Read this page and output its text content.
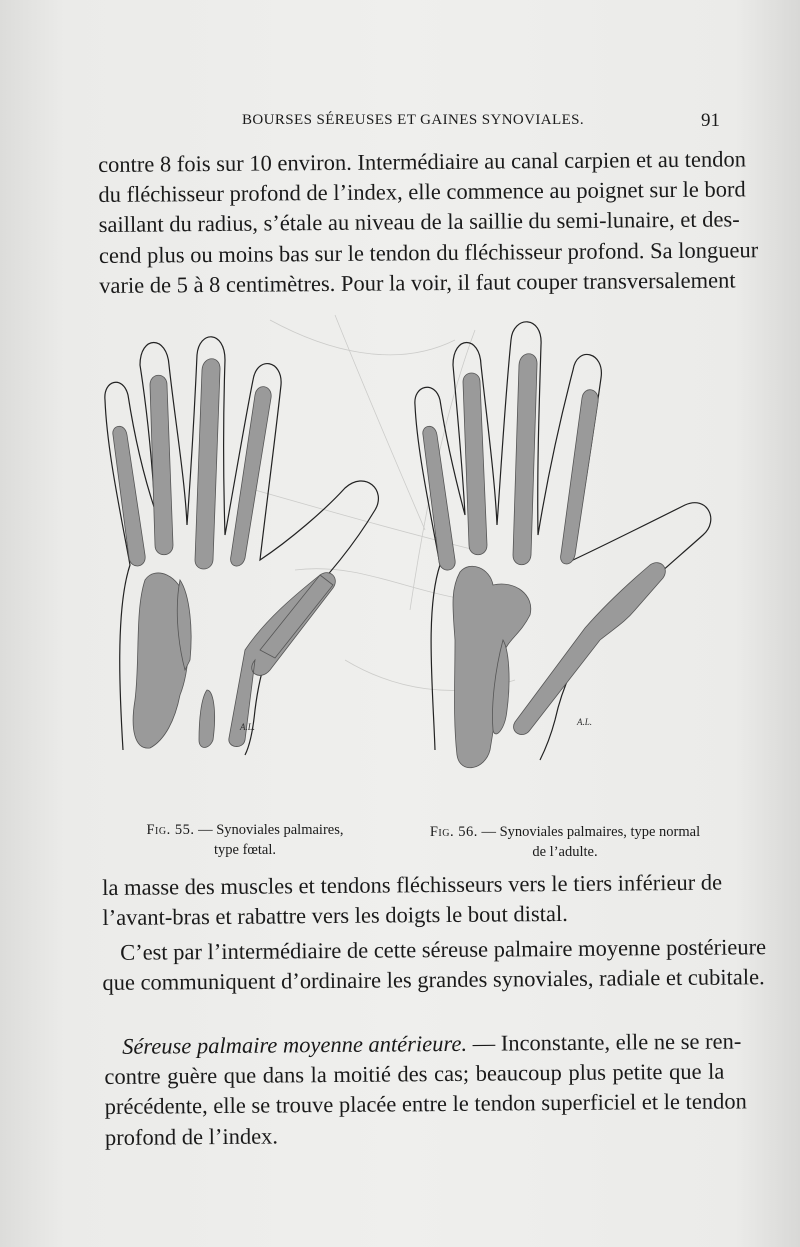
BOURSES SÉREUSES ET GAINES SYNOVIALES.	91
contre 8 fois sur 10 environ. Intermédiaire au canal carpien et au tendon
du fléchisseur profond de l’index, elle commence au poignet sur le bord
saillant du radius, s’étale au niveau de la saillie du semi-lunaire, et des-
cend plus ou moins bas sur le tendon du fléchisseur profond. Sa longueur
varie de 5 à 8 centimètres. Pour la voir, il faut couper transversalement
A.L.	A.L.
Fig. 55. — Synoviales palmaires,
type fœtal.
Fig. 56. — Synoviales palmaires, type normal
de l’adulte.
la masse des muscles et tendons fléchisseurs vers le tiers inférieur de
l’avant-bras et rabattre vers les doigts le bout distal.
C’est par l’intermédiaire de cette séreuse palmaire moyenne postérieure
que communiquent d’ordinaire les grandes synoviales, radiale et cubitale.
Séreuse palmaire moyenne antérieure. — Inconstante, elle ne se ren-
contre guère que dans la moitié des cas; beaucoup plus petite que la
précédente, elle se trouve placée entre le tendon superficiel et le tendon
profond de l’index.
